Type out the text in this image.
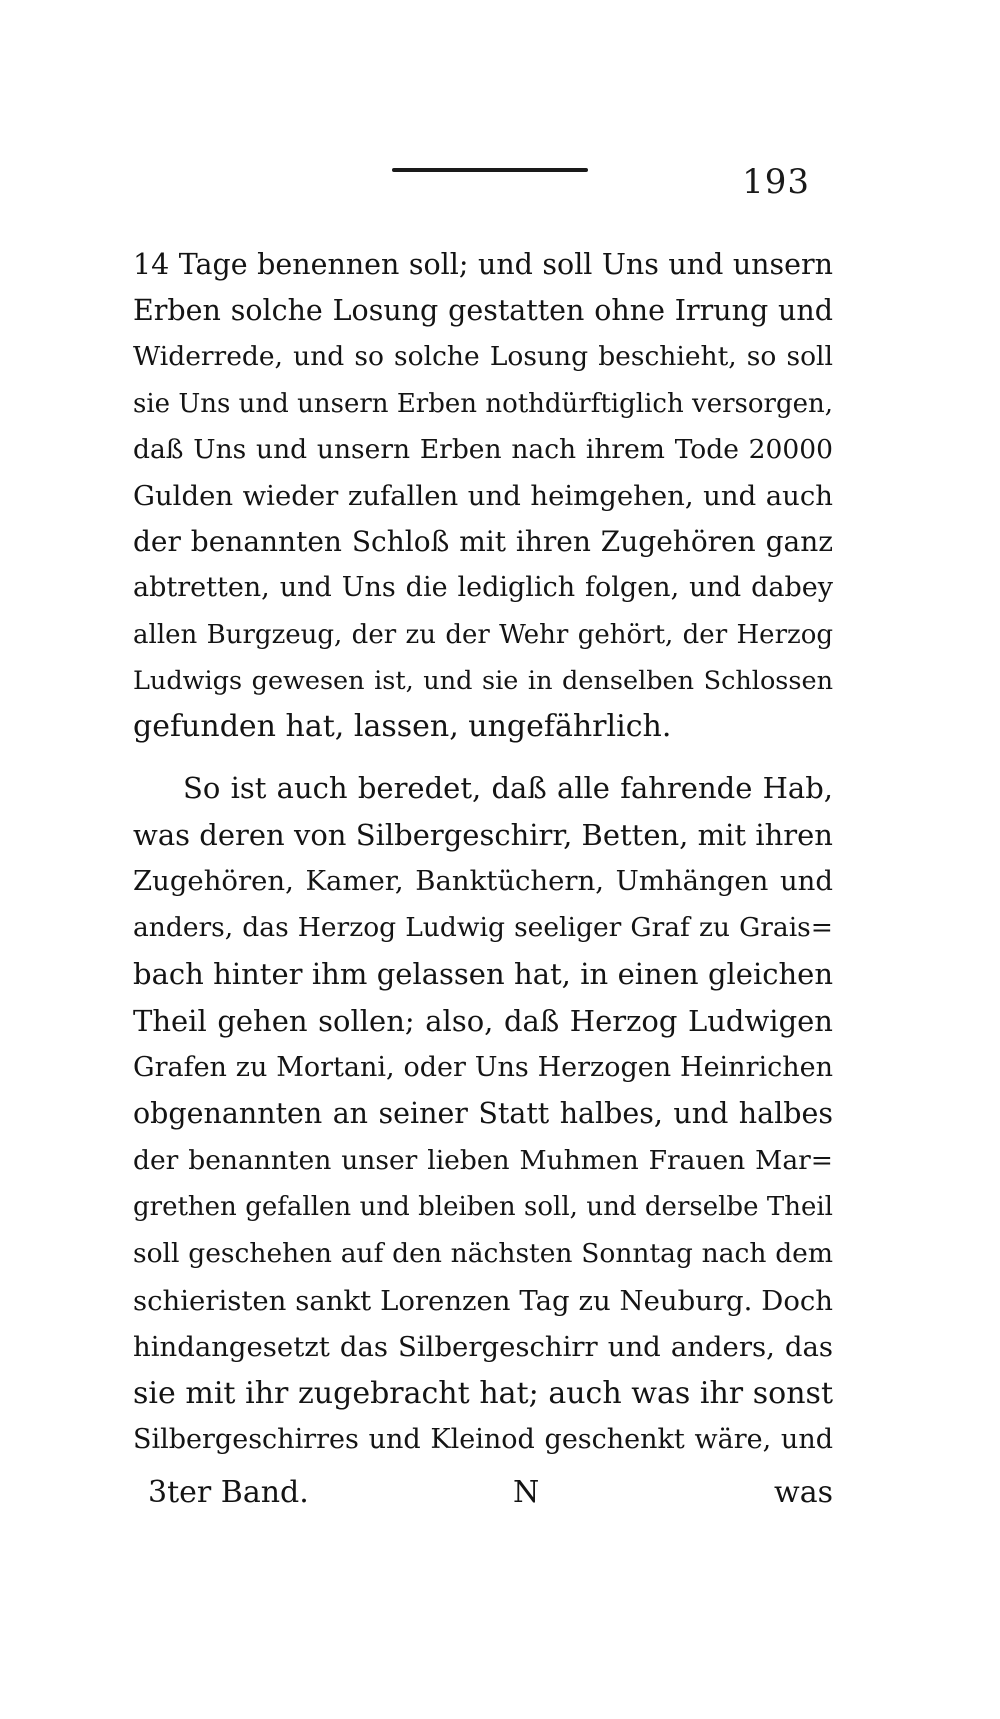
193
14 Tage benennen soll; und soll Uns und unsern
Erben solche Losung gestatten ohne Irrung und
Widerrede, und so solche Losung beschieht, so soll
sie Uns und unsern Erben nothdürftiglich versorgen,
daß Uns und unsern Erben nach ihrem Tode 20000
Gulden wieder zufallen und heimgehen, und auch
der benannten Schloß mit ihren Zugehören ganz
abtretten, und Uns die lediglich folgen, und dabey
allen Burgzeug, der zu der Wehr gehört, der Herzog
Ludwigs gewesen ist, und sie in denselben Schlossen
gefunden hat, lassen, ungefährlich.
So ist auch beredet, daß alle fahrende Hab,
was deren von Silbergeschirr, Betten, mit ihren
Zugehören, Kamer, Banktüchern, Umhängen und
anders, das Herzog Ludwig seeliger Graf zu Grais=
bach hinter ihm gelassen hat, in einen gleichen
Theil gehen sollen; also, daß Herzog Ludwigen
Grafen zu Mortani, oder Uns Herzogen Heinrichen
obgenannten an seiner Statt halbes, und halbes
der benannten unser lieben Muhmen Frauen Mar=
grethen gefallen und bleiben soll, und derselbe Theil
soll geschehen auf den nächsten Sonntag nach dem
schieristen sankt Lorenzen Tag zu Neuburg. Doch
hindangesetzt das Silbergeschirr und anders, das
sie mit ihr zugebracht hat; auch was ihr sonst
Silbergeschirres und Kleinod geschenkt wäre, und
3ter Band.	N	was
